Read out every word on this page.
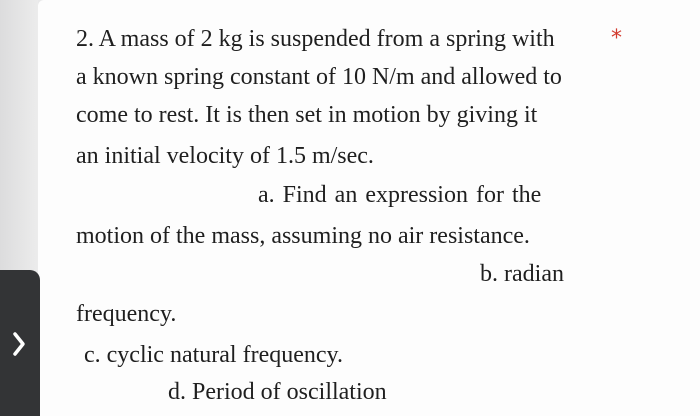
2. A mass of 2 kg is suspended from a spring with	*
a known spring constant of 10 N/m and allowed to
come to rest. It is then set in motion by giving it
an initial velocity of 1.5 m/sec.
a. Find an expression for the
motion of the mass, assuming no air resistance.
b. radian
frequency.
c. cyclic natural frequency.
d. Period of oscillation
